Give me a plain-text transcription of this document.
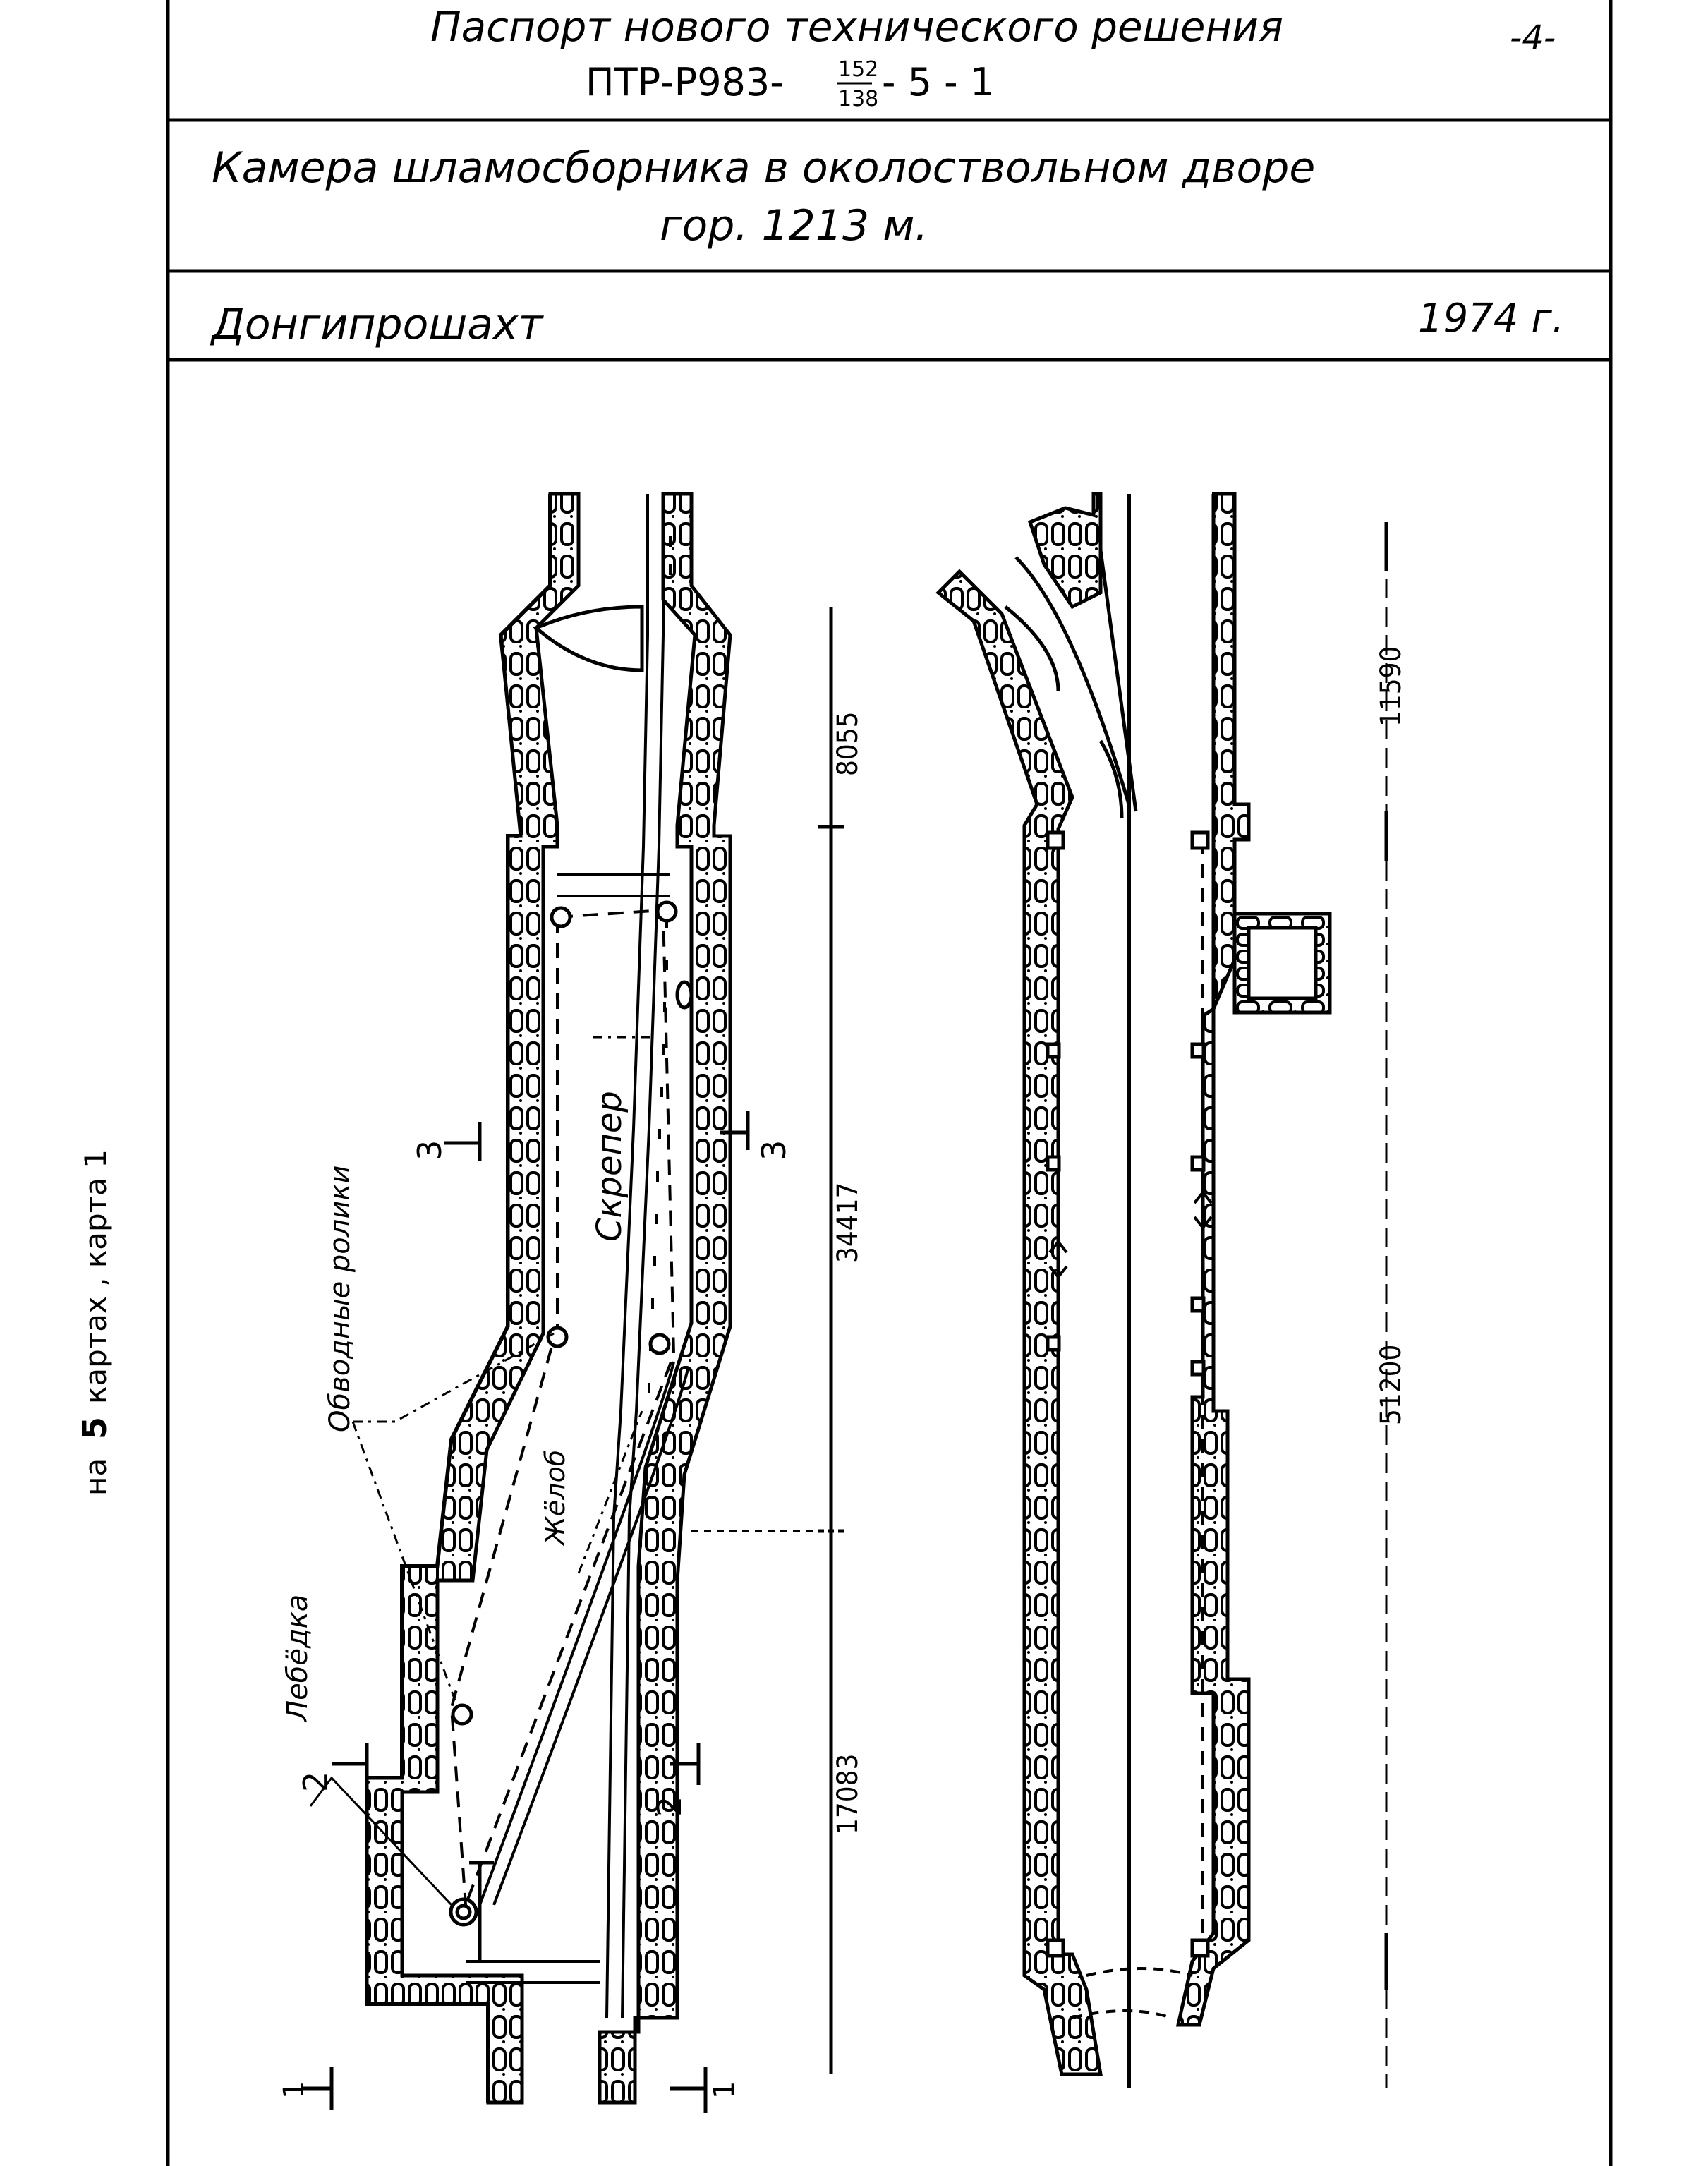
Паспорт нового технического решения	-4-
ПТР-Р983-	152
138 - 5 - 1
Камера шламосборника в околоствольном дворе
гор. 1213 м.
Донгипрошахт	1974 г.
на
5
картах , карта 1	3	3
2
2
1	1
Скрепер
Обводные ролики
Жёлоб
Лебёдка
8055
34417
17083
11590
51200
